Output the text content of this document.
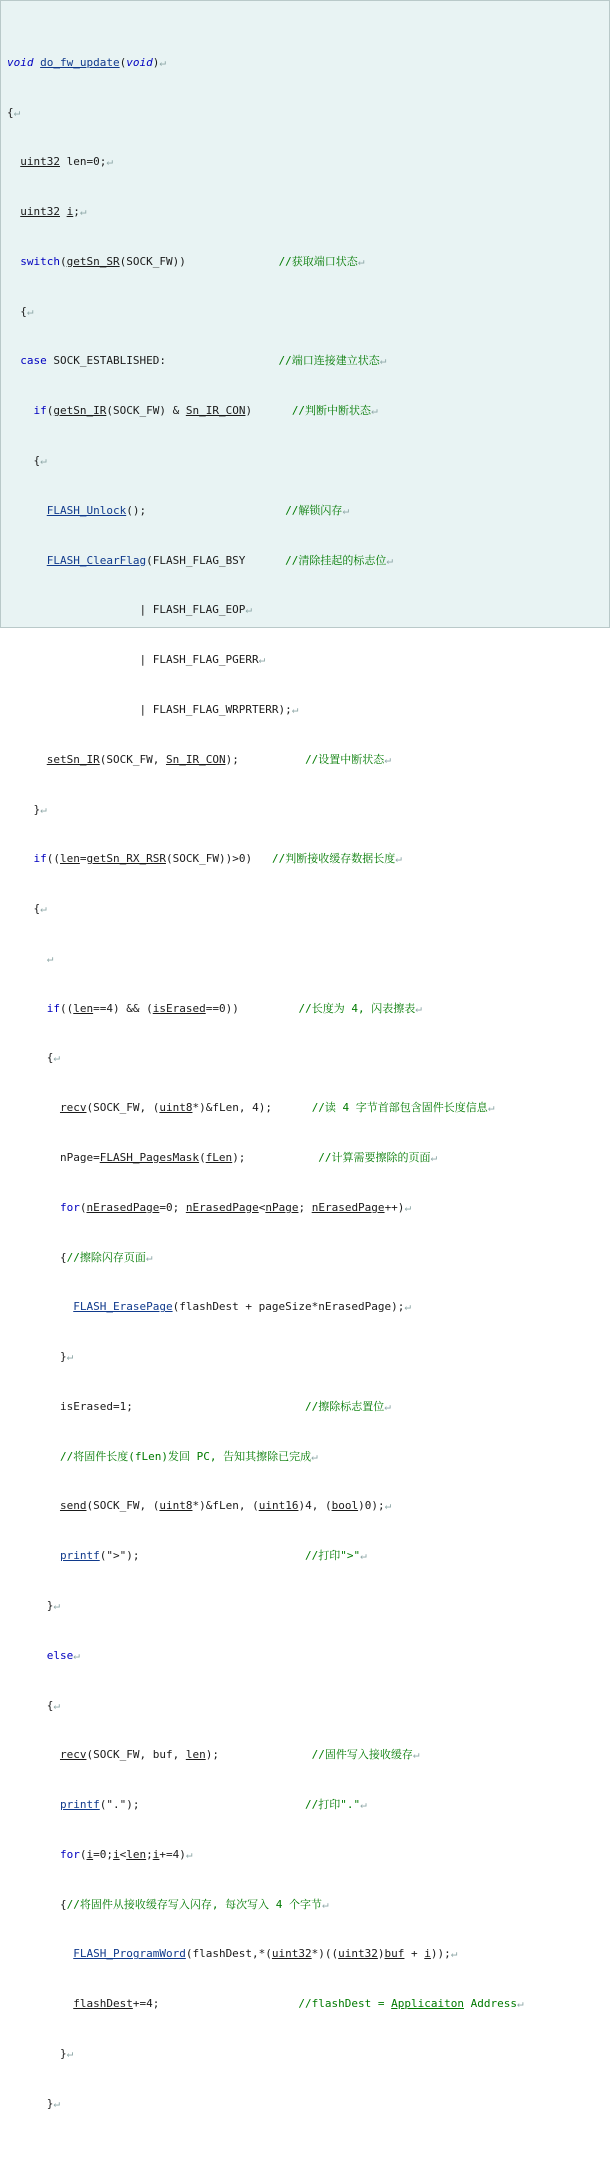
void do_fw_update(void)↵

{↵

uint32 len=0;↵

uint32 i;↵

switch(getSn_SR(SOCK_FW))              //获取端口状态↵

{↵

case SOCK_ESTABLISHED:                 //端口连接建立状态↵

if(getSn_IR(SOCK_FW) & Sn_IR_CON)      //判断中断状态↵

{↵

FLASH_Unlock();                     //解锁闪存↵

FLASH_ClearFlag(FLASH_FLAG_BSY      //清除挂起的标志位↵

| FLASH_FLAG_EOP↵

| FLASH_FLAG_PGERR↵

| FLASH_FLAG_WRPRTERR);↵

setSn_IR(SOCK_FW, Sn_IR_CON);          //设置中断状态↵

}↵

if((len=getSn_RX_RSR(SOCK_FW))>0)   //判断接收缓存数据长度↵

{↵

↵

if((len==4) && (isErased==0))         //长度为 4, 闪表擦表↵

{↵

recv(SOCK_FW, (uint8*)&fLen, 4);      //读 4 字节首部包含固件长度信息↵

nPage=FLASH_PagesMask(fLen);           //计算需要擦除的页面↵

for(nErasedPage=0; nErasedPage<nPage; nErasedPage++)↵

{//擦除闪存页面↵

FLASH_ErasePage(flashDest + pageSize*nErasedPage);↵

}↵

isErased=1;                          //擦除标志置位↵

//将固件长度(fLen)发回 PC, 告知其擦除已完成↵

send(SOCK_FW, (uint8*)&fLen, (uint16)4, (bool)0);↵

printf(">");                         //打印">"↵

}↵

else↵

{↵

recv(SOCK_FW, buf, len);              //固件写入接收缓存↵

printf(".");                         //打印"."↵

for(i=0;i<len;i+=4)↵

{//将固件从接收缓存写入闪存, 每次写入 4 个字节↵

FLASH_ProgramWord(flashDest,*(uint32*)((uint32)buf + i));↵

flashDest+=4;                     //flashDest = Applicaiton Address↵

}↵

}↵
